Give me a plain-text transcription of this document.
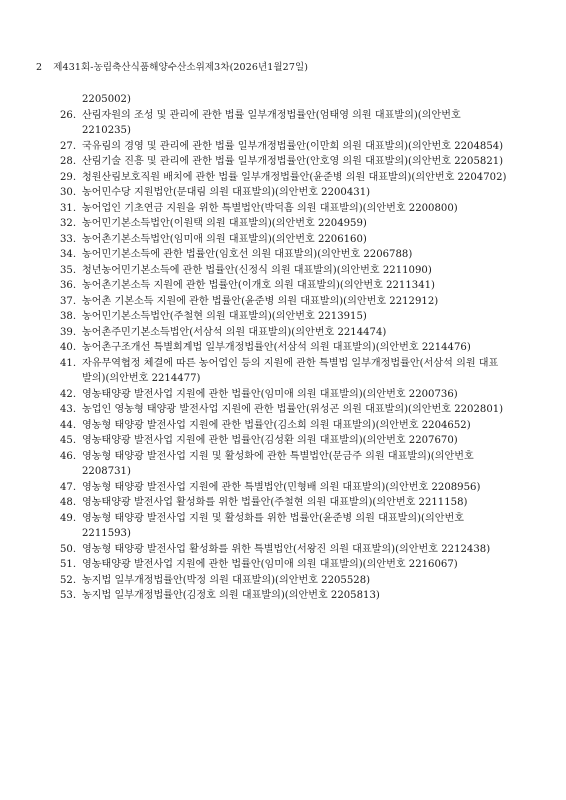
2 제431회-농림축산식품해양수산소위제3차(2026년1월27일)
2205002)
26. 산림자원의 조성 및 관리에 관한 법률 일부개정법률안(엄태영 의원 대표발의)(의안번호 2210235)
27. 국유림의 경영 및 관리에 관한 법률 일부개정법률안(이만희 의원 대표발의)(의안번호 2204854)
28. 산림기술 진흥 및 관리에 관한 법률 일부개정법률안(안호영 의원 대표발의)(의안번호 2205821)
29. 청원산림보호직원 배치에 관한 법률 일부개정법률안(윤준병 의원 대표발의)(의안번호 2204702)
30. 농어민수당 지원법안(문대림 의원 대표발의)(의안번호 2200431)
31. 농어업인 기초연금 지원을 위한 특별법안(박덕흠 의원 대표발의)(의안번호 2200800)
32. 농어민기본소득법안(이원택 의원 대표발의)(의안번호 2204959)
33. 농어촌기본소득법안(임미애 의원 대표발의)(의안번호 2206160)
34. 농어민기본소득에 관한 법률안(임호선 의원 대표발의)(의안번호 2206788)
35. 청년농어민기본소득에 관한 법률안(신정식 의원 대표발의)(의안번호 2211090)
36. 농어촌기본소득 지원에 관한 법률안(이개호 의원 대표발의)(의안번호 2211341)
37. 농어촌 기본소득 지원에 관한 법률안(윤준병 의원 대표발의)(의안번호 2212912)
38. 농어민기본소득법안(주철현 의원 대표발의)(의안번호 2213915)
39. 농어촌주민기본소득법안(서삼석 의원 대표발의)(의안번호 2214474)
40. 농어촌구조개선 특별회계법 일부개정법률안(서삼석 의원 대표발의)(의안번호 2214476)
41. 자유무역협정 체결에 따른 농어업인 등의 지원에 관한 특별법 일부개정법률안(서삼석 의원 대표발의)(의안번호 2214477)
42. 영농태양광 발전사업 지원에 관한 법률안(임미애 의원 대표발의)(의안번호 2200736)
43. 농업인 영농형 태양광 발전사업 지원에 관한 법률안(위성곤 의원 대표발의)(의안번호 2202801)
44. 영농형 태양광 발전사업 지원에 관한 법률안(김소희 의원 대표발의)(의안번호 2204652)
45. 영농태양광 발전사업 지원에 관한 법률안(김성환 의원 대표발의)(의안번호 2207670)
46. 영농형 태양광 발전사업 지원 및 활성화에 관한 특별법안(문금주 의원 대표발의)(의안번호 2208731)
47. 영농형 태양광 발전사업 지원에 관한 특별법안(민형배 의원 대표발의)(의안번호 2208956)
48. 영농태양광 발전사업 활성화를 위한 법률안(주철현 의원 대표발의)(의안번호 2211158)
49. 영농형 태양광 발전사업 지원 및 활성화를 위한 법률안(윤준병 의원 대표발의)(의안번호 2211593)
50. 영농형 태양광 발전사업 활성화를 위한 특별법안(서왕진 의원 대표발의)(의안번호 2212438)
51. 영농태양광 발전사업 지원에 관한 법률안(임미애 의원 대표발의)(의안번호 2216067)
52. 농지법 일부개정법률안(박정 의원 대표발의)(의안번호 2205528)
53. 농지법 일부개정법률안(김정호 의원 대표발의)(의안번호 2205813)
